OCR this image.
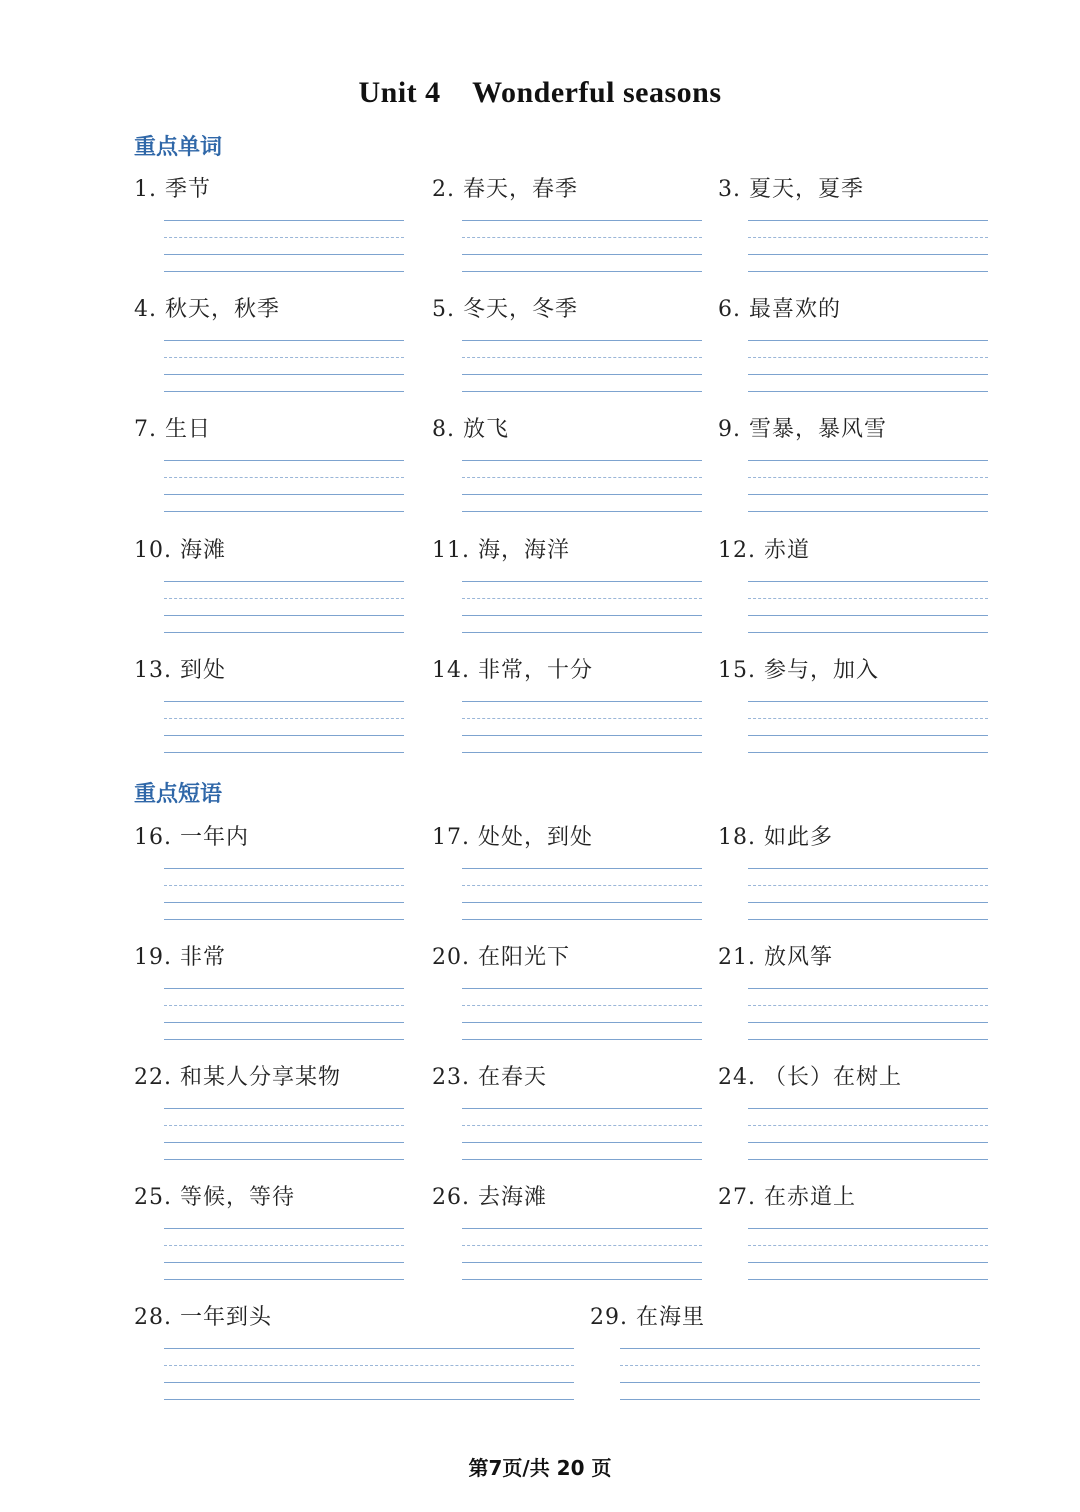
Unit 4    Wonderful seasons
重点单词
重点短语
1. 季节	2. 春天，春季	3. 夏天，夏季
4. 秋天，秋季	5. 冬天，冬季	6. 最喜欢的
7. 生日	8. 放飞	9. 雪暴，暴风雪
10. 海滩	11. 海，海洋	12. 赤道
13. 到处	14. 非常，十分	15. 参与，加入
16. 一年内	17. 处处，到处	18. 如此多
19. 非常	20. 在阳光下	21. 放风筝
22. 和某人分享某物	23. 在春天	24. （长）在树上
25. 等候，等待	26. 去海滩	27. 在赤道上
28. 一年到头	29. 在海里
第7页/共 20 页
